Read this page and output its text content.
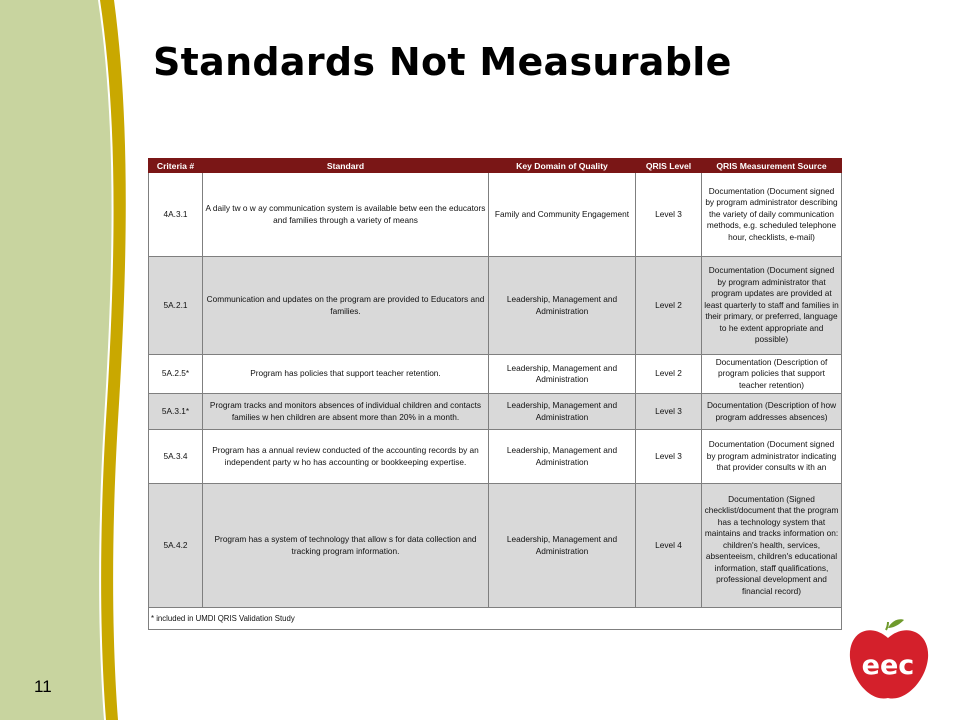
Standards Not Measurable
Criteria #	Standard	Key Domain of Quality	QRIS Level	QRIS Measurement Source
4A.3.1	A daily tw o w ay communication system is available betw een the educators and families through a variety of means	Family and Community Engagement	Level 3	Documentation (Document signed by program administrator describing the variety of daily communication methods, e.g. scheduled telephone hour, checklists, e-mail)
5A.2.1	Communication and updates on the program are provided to Educators and families.	Leadership, Management and Administration	Level 2	Documentation (Document signed by program administrator that program updates are provided at least quarterly to staff and families in their primary, or preferred, language to he extent appropriate and possible)
5A.2.5*	Program has policies that support teacher retention.	Leadership, Management and Administration	Level 2	Documentation (Description of program policies that support teacher retention)
5A.3.1*	Program tracks and monitors absences of individual children and contacts families w hen children are absent more than 20% in a month.	Leadership, Management and Administration	Level 3	Documentation (Description of how program addresses absences)
5A.3.4	Program has a annual review conducted of the accounting records by an independent party w ho has accounting or bookkeeping expertise.	Leadership, Management and Administration	Level 3	Documentation (Document signed by program administrator indicating that provider consults w ith an
5A.4.2	Program has a system of technology that allow s for data collection and tracking program information.	Leadership, Management and Administration	Level 4	Documentation (Signed checklist/document that the program has a technology system that maintains and tracks information on: children's health, services, absenteeism, children's educational information, staff qualifications, professional development and financial record)
* included in UMDI QRIS Validation Study				
11
eec
